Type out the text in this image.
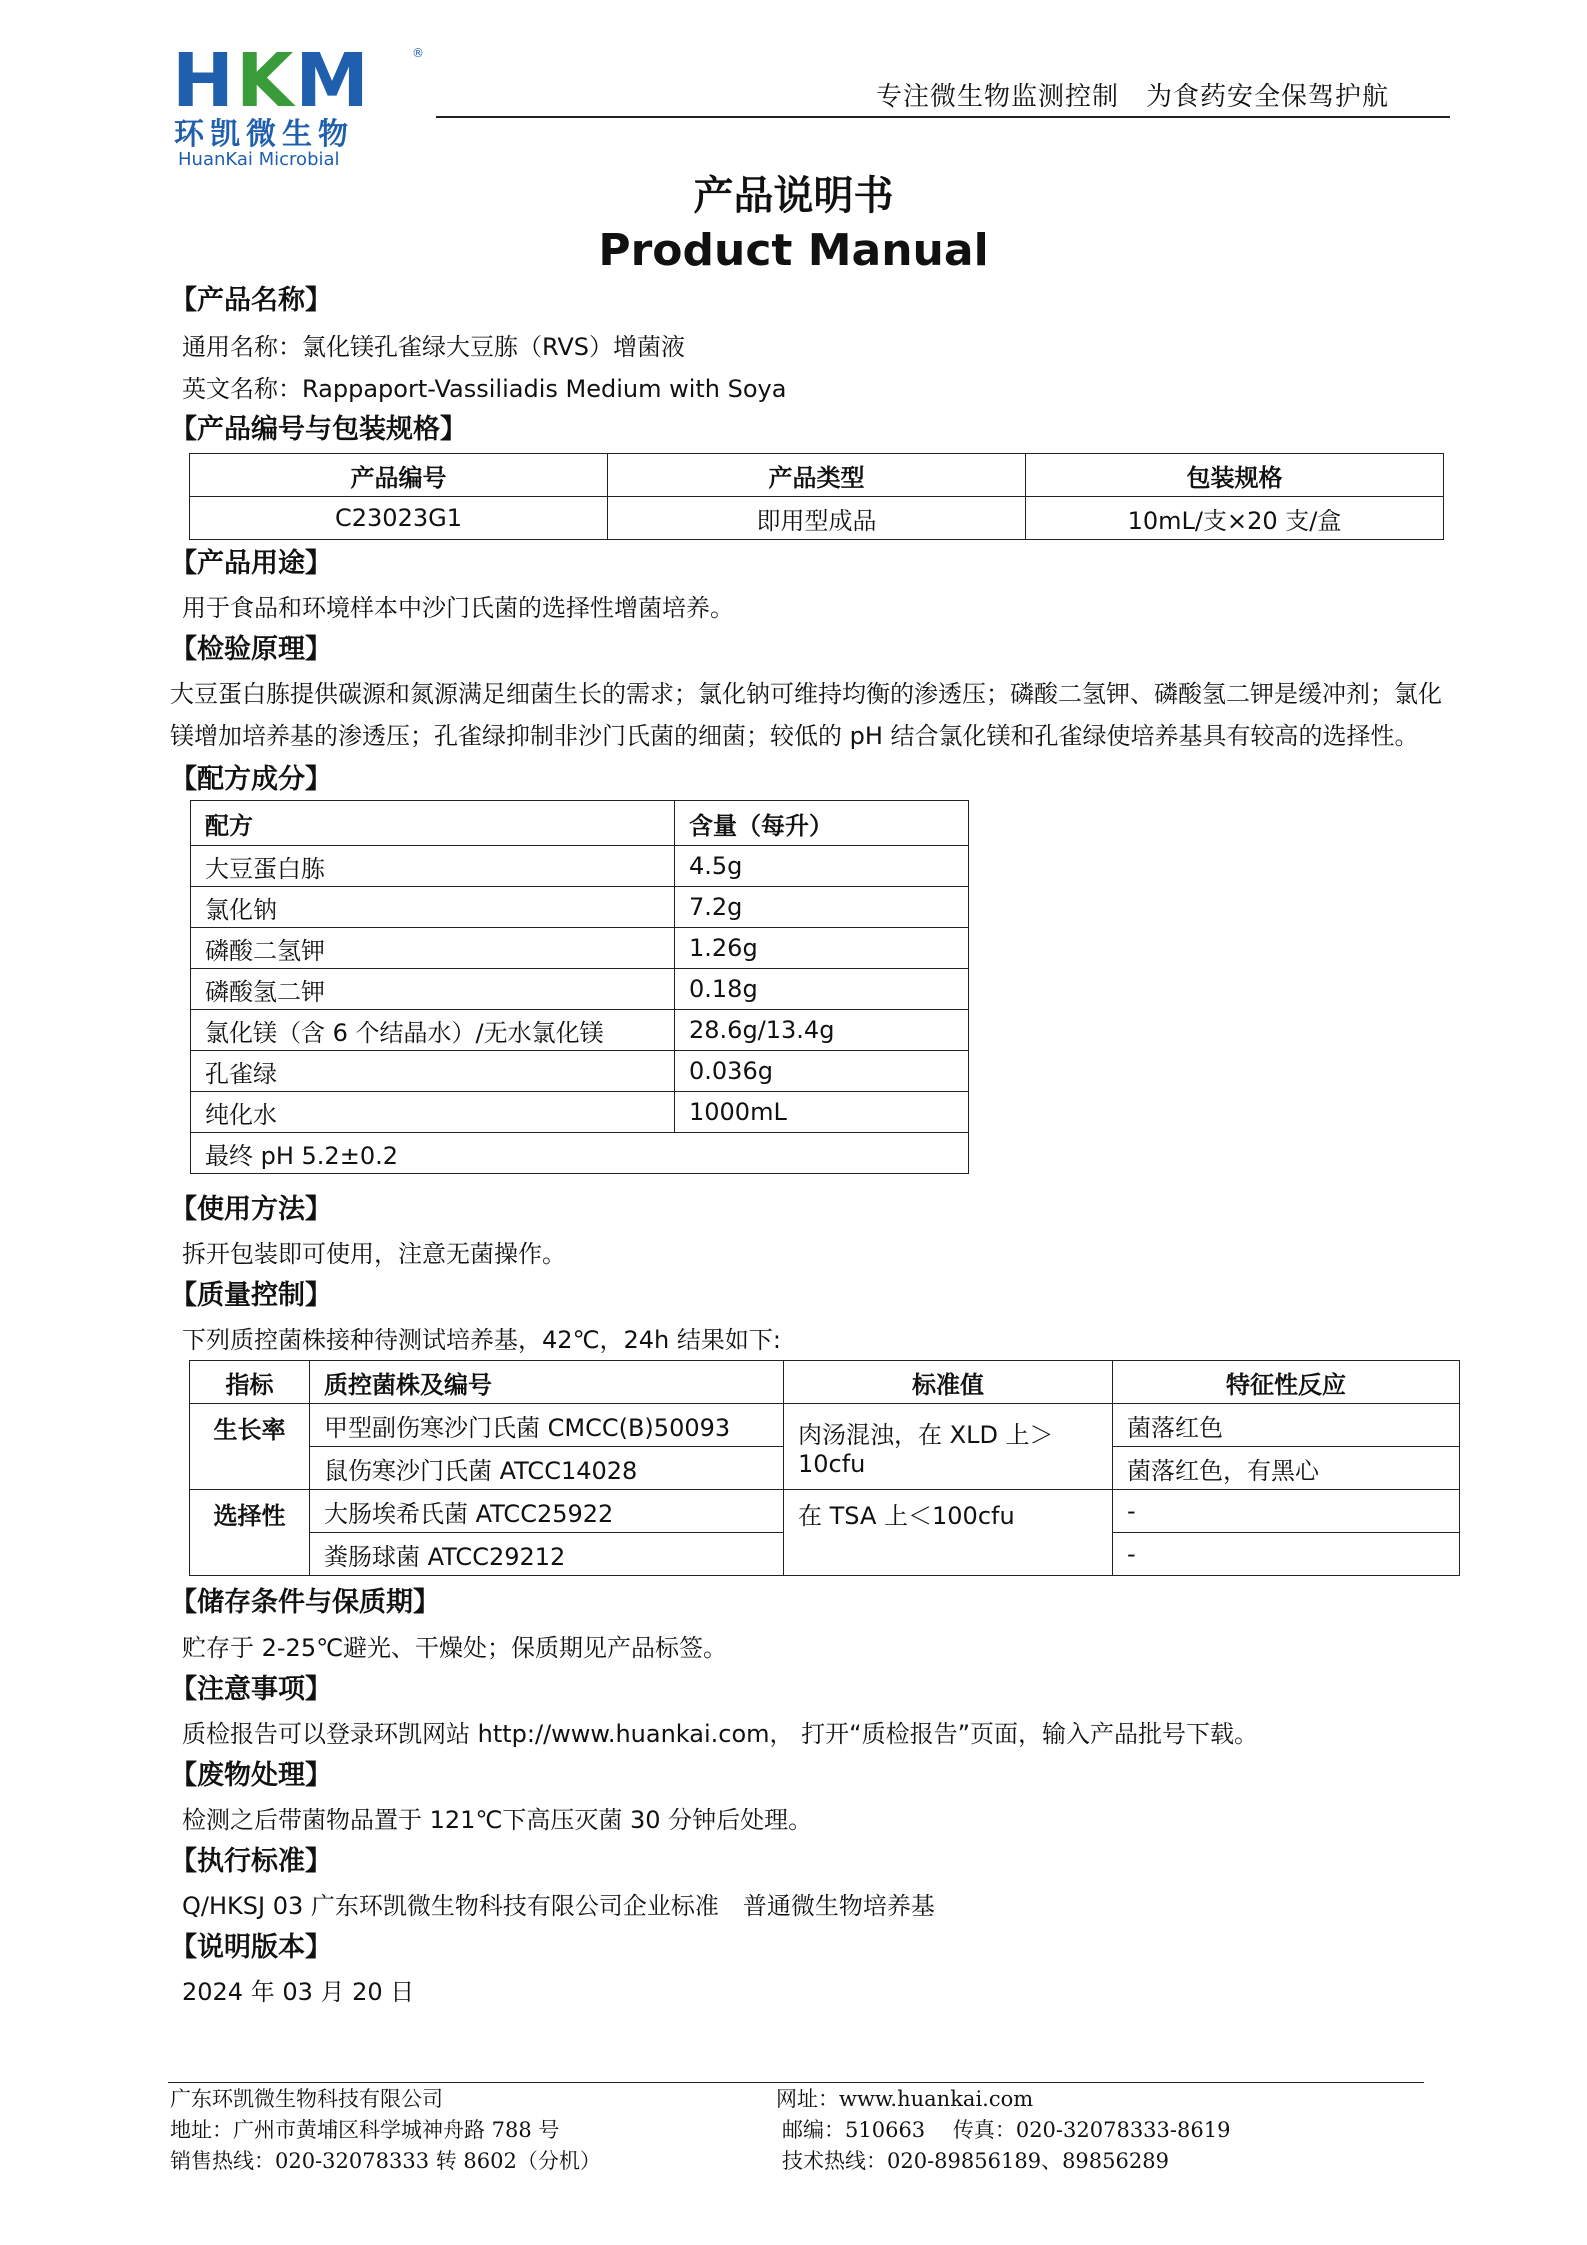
HKM	®
环凯微生物
HuanKai Microbial
专注微生物监测控制　为食药安全保驾护航
产品说明书
Product Manual
【产品名称】
通用名称：氯化镁孔雀绿大豆胨（RVS）增菌液
英文名称：Rappaport-Vassiliadis Medium with Soya
【产品编号与包装规格】
产品编号	产品类型	包装规格
C23023G1	即用型成品	10mL/支×20 支/盒
【产品用途】
用于食品和环境样本中沙门氏菌的选择性增菌培养。
【检验原理】
大豆蛋白胨提供碳源和氮源满足细菌生长的需求；氯化钠可维持均衡的渗透压；磷酸二氢钾、磷酸氢二钾是缓冲剂；氯化
镁增加培养基的渗透压；孔雀绿抑制非沙门氏菌的细菌；较低的 pH 结合氯化镁和孔雀绿使培养基具有较高的选择性。
【配方成分】
配方	含量（每升）
大豆蛋白胨	4.5g
氯化钠	7.2g
磷酸二氢钾	1.26g
磷酸氢二钾	0.18g
氯化镁（含 6 个结晶水）/无水氯化镁	28.6g/13.4g
孔雀绿	0.036g
纯化水	1000mL
最终 pH 5.2±0.2	
【使用方法】
拆开包装即可使用，注意无菌操作。
【质量控制】
下列质控菌株接种待测试培养基，42℃，24h 结果如下:
指标	质控菌株及编号	标准值	特征性反应
生长率	甲型副伤寒沙门氏菌 CMCC(B)50093	肉汤混浊，在 XLD 上＞10cfu	菌落红色
	鼠伤寒沙门氏菌 ATCC14028		菌落红色，有黑心
选择性	大肠埃希氏菌 ATCC25922	在 TSA 上＜100cfu	-
	粪肠球菌 ATCC29212		-
【储存条件与保质期】
贮存于 2-25℃避光、干燥处；保质期见产品标签。
【注意事项】
质检报告可以登录环凯网站 http://www.huankai.com， 打开“质检报告”页面，输入产品批号下载。
【废物处理】
检测之后带菌物品置于 121℃下高压灭菌 30 分钟后处理。
【执行标准】
Q/HKSJ 03 广东环凯微生物科技有限公司企业标准　普通微生物培养基
【说明版本】
2024 年 03 月 20 日
广东环凯微生物科技有限公司
地址：广州市黄埔区科学城神舟路 788 号
销售热线：020-32078333 转 8602（分机）
网址：www.huankai.com
邮编：510663　 传真：020-32078333-8619
技术热线：020-89856189、89856289
